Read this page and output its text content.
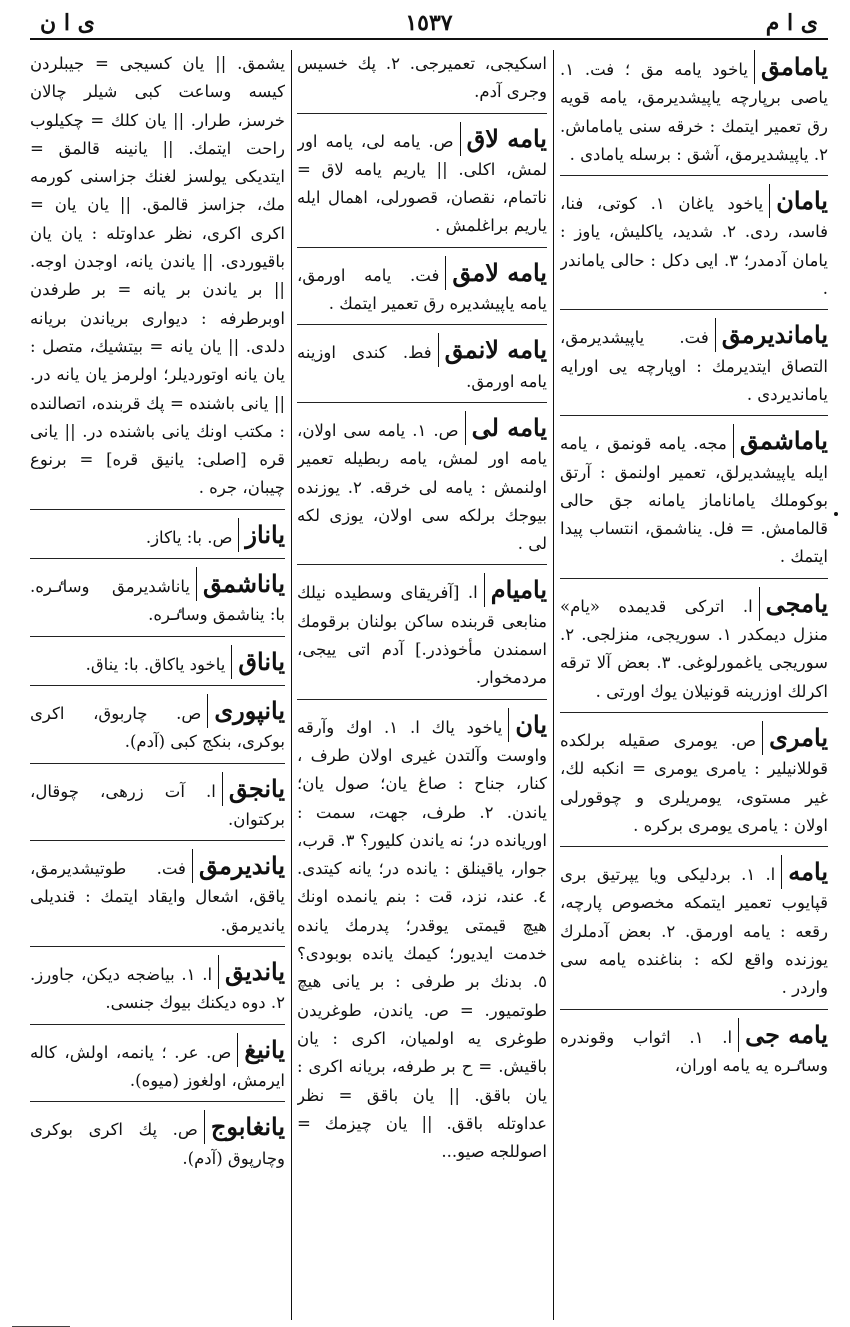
ی ا م
١٥٣٧
ی ا ن
یامامقیاخود یامه مق ؛ فت. ١. یاصی برپارچه یاپیشدیرمق، یامه قویه رق تعمیر ایتمك : خرقه سنی یاماماش. ٢. یاپیشدیرمق، آشق : برسله یامادی .
یامانیاخود یاغان ١. کوتی، فنا، فاسد، ردی. ٢. شدید، یاکلیش، یاوز : یامان آدمدر؛ ٣. ایی دکل : حالی یاماندر .
یاماندیرمقفت. یاپیشدیرمق، التصاق ایتدیرمك : اوپارچه یی اورایه یاماندیردی .
یاماشمقمجه. یامه قونمق ، یامه ایله یاپیشدیرلق، تعمیر اولنمق : آرتق بوکوملك یاماناماز یامانه جق حالی قالمامش. = فل. یناشمق، انتساب پیدا ایتمك .
یامجیا. اترکی قدیمده «یام» منزل دیمکدر ١. سوریجی، منزلجی. ٢. سوریجی یاغمورلوغی. ٣. بعض آلا ترقه اکرلك اوزرینه قونیلان یوك اورتی .
یامریص. یومری صقیله برلکده قوللانیلیر : یامری یومری = انکبه لك، غیر مستوی، یومریلری و چوقورلی اولان : یامری یومری برکره .
یامها. ١. بردلیکی ویا یپرتیق بری قپایوب تعمیر ایتمکه مخصوص پارچه، رقعه : یامه اورمق. ٢. بعض آدملرك یوزنده واقع لکه : بناغنده یامه سی واردر .
یامه جیا. ١. اثواب وقوندره وساٸره یه یامه اوران،
اسکیجی، تعمیرجی. ٢. پك خسیس وجری آدم.
یامه لاقص. یامه لی، یامه اور لمش، اکلی. || یاریم یامه لاق = ناتمام، نقصان، قصورلی، اهمال ایله یاریم براغلمش .
یامه لامقفت. یامه اورمق، یامه یاپیشدیره رق تعمیر ایتمك .
یامه لانمقفط. کندی اوزینه یامه اورمق.
یامه لیص. ١. یامه سی اولان، یامه اور لمش، یامه ربطیله تعمیر اولنمش : یامه لی خرقه. ٢. یوزنده بیوجك برلکه سی اولان، یوزی لکه لی .
یامیاما. [آفریقای وسطیده نیلك منابعی قربنده ساکن بولنان برقومك اسمندن مأخوذدر.] آدم اتی ییجی، مردمخوار.
یانیاخود یاك ا. ١. اوك وآرقه واوست وآلتدن غیری اولان طرف ، کنار، جناح : صاغ یان؛ صول یان؛ یاندن. ٢. طرف، جهت، سمت : اوریانده در؛ نه یاندن کلیور؟ ٣. قرب، جوار، یاقینلق : یانده در؛ یانه کیتدی. ٤. عند، نزد، قت : بنم یانمده اونك هیچ قیمتی یوقدر؛ پدرمك یانده خدمت ایدیور؛ کیمك یانده بوبودی؟ ٥. بدنك بر طرفی : بر یانی هیچ طوتمیور. = ص. یاندن، طوغریدن طوغری یه اولمیان، اکری : یان باقیش. = ح بر طرفه، بریانه اکری : یان باقق. || یان باقق = نظر عداوتله باقق. || یان چیزمك = اصوللجه صیو...
یشمق. || یان کسیجی = جیبلردن کیسه وساعت کبی شیلر چالان خرسز، طرار. || یان کلك = چکیلوب راحت ایتمك. || یانینه قالمق = ایتدیکی یولسز لغنك جزاسنی کورمه مك، جزاسز قالمق. || یان یان = اکری اکری، نظر عداوتله : یان یان باقیوردی. || یاندن یانه، اوجدن اوجه. || بر یاندن بر یانه = بر طرفدن اوبرطرفه : دیواری بریاندن بریانه دلدی. || یان یانه = بیتشیك، متصل : یان یانه اوتوردیلر؛ اولرمز یان یانه در. || یانی باشنده = پك قربنده، اتصالنده : مکتب اونك یانی باشنده در. || یانی قره [اصلی: یانیق قره] = برنوع چیبان، جره .
یانازص. با: یاکاز.
یاناشمقیاناشدیرمق وساٸره. با: یناشمق وساٸره.
یاناقیاخود یاکاق. با: یناق.
یانپوریص. چاربوق، اکری بوکری، بنکج کبی (آدم).
یانجقا. آت زرهی، چوقال، برکتوان.
یاندیرمقفت. طوتیشدیرمق، یاقق، اشعال وایقاد ایتمك : قندیلی یاندیرمق.
یاندیقا. ١. بیاضجه دیکن، جاورز. ٢. دوه دیکنك بیوك جنسی.
یانیغص. عر. ؛ یانمه، اولش، کاله ایرمش، اولغوز (میوه).
یانغابوجص. پك اکری بوکری وچارپوق (آدم).
